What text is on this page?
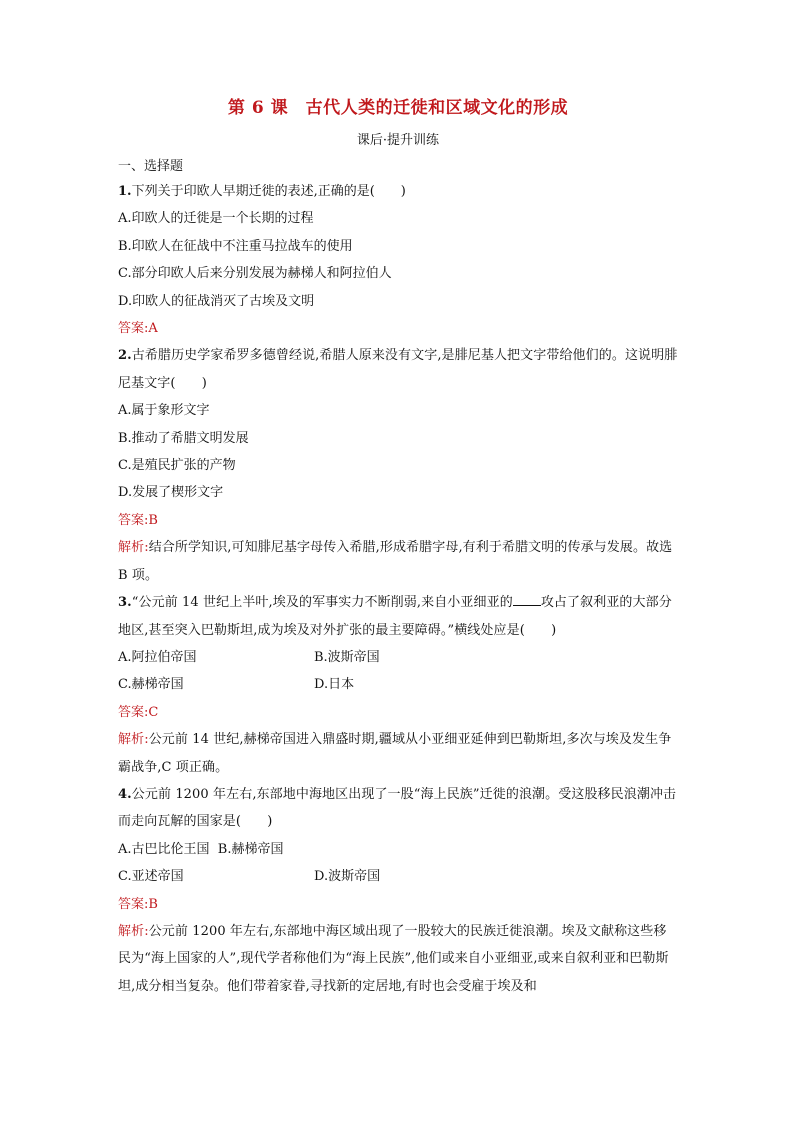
第 6 课　古代人类的迁徙和区域文化的形成
课后·提升训练
一、选择题
1.下列关于印欧人早期迁徙的表述,正确的是(　　)
A.印欧人的迁徙是一个长期的过程
B.印欧人在征战中不注重马拉战车的使用
C.部分印欧人后来分别发展为赫梯人和阿拉伯人
D.印欧人的征战消灭了古埃及文明
答案:A
2.古希腊历史学家希罗多德曾经说,希腊人原来没有文字,是腓尼基人把文字带给他们的。这说明腓尼基文字(　　)
A.属于象形文字
B.推动了希腊文明发展
C.是殖民扩张的产物
D.发展了楔形文字
答案:B
解析:结合所学知识,可知腓尼基字母传入希腊,形成希腊字母,有利于希腊文明的传承与发展。故选 B 项。
3.“公元前 14 世纪上半叶,埃及的军事实力不断削弱,来自小亚细亚的 攻占了叙利亚的大部分地区,甚至突入巴勒斯坦,成为埃及对外扩张的最主要障碍。”横线处应是(　　)
A.阿拉伯帝国	B.波斯帝国
C.赫梯帝国	D.日本
答案:C
解析:公元前 14 世纪,赫梯帝国进入鼎盛时期,疆域从小亚细亚延伸到巴勒斯坦,多次与埃及发生争霸战争,C 项正确。
4.公元前 1200 年左右,东部地中海地区出现了一股“海上民族”迁徙的浪潮。受这股移民浪潮冲击而走向瓦解的国家是(　　)
A.古巴比伦王国 B.赫梯帝国
C.亚述帝国	D.波斯帝国
答案:B
解析:公元前 1200 年左右,东部地中海区域出现了一股较大的民族迁徙浪潮。埃及文献称这些移民为“海上国家的人”,现代学者称他们为“海上民族”,他们或来自小亚细亚,或来自叙利亚和巴勒斯坦,成分相当复杂。他们带着家眷,寻找新的定居地,有时也会受雇于埃及和
